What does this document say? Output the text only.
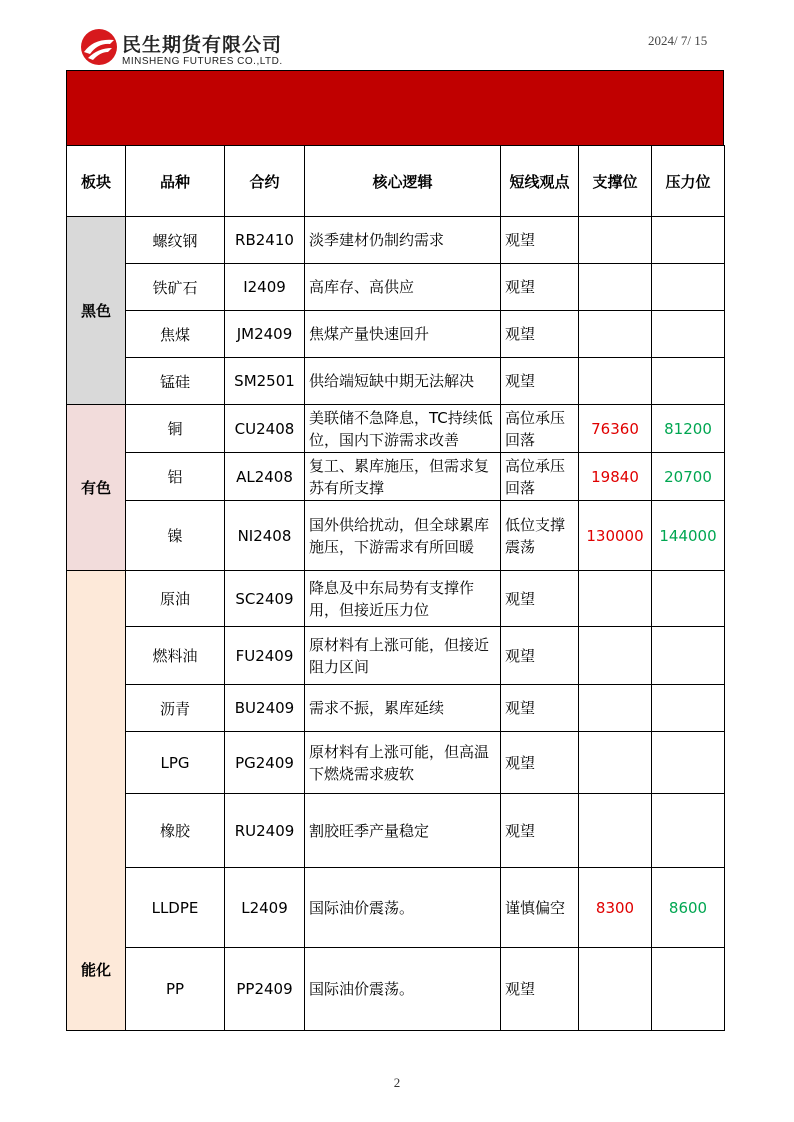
民生期货有限公司
MINSHENG FUTURES CO.,LTD.
2024/ 7/ 15
板块	品种	合约	核心逻辑	短线观点	支撑位	压力位
黑色	螺纹钢	RB2410	淡季建材仍制约需求	观望		
	铁矿石	I2409	高库存、高供应	观望		
	焦煤	JM2409	焦煤产量快速回升	观望		
	锰硅	SM2501	供给端短缺中期无法解决	观望		
有色	铜	CU2408	美联储不急降息，TC持续低位，国内下游需求改善	高位承压回落	76360	81200
	铝	AL2408	复工、累库施压，但需求复苏有所支撑	高位承压回落	19840	20700
	镍	NI2408	国外供给扰动，但全球累库施压，下游需求有所回暖	低位支撑震荡	130000	144000

能化	原油	SC2409	降息及中东局势有支撑作用，但接近压力位	观望		
	燃料油	FU2409	原材料有上涨可能，但接近阻力区间	观望		
	沥青	BU2409	需求不振，累库延续	观望		
	LPG	PG2409	原材料有上涨可能，但高温下燃烧需求疲软	观望		
	橡胶	RU2409	割胶旺季产量稳定	观望		
	LLDPE	L2409	国际油价震荡。	谨慎偏空	8300	8600
	PP	PP2409	国际油价震荡。	观望		
2
